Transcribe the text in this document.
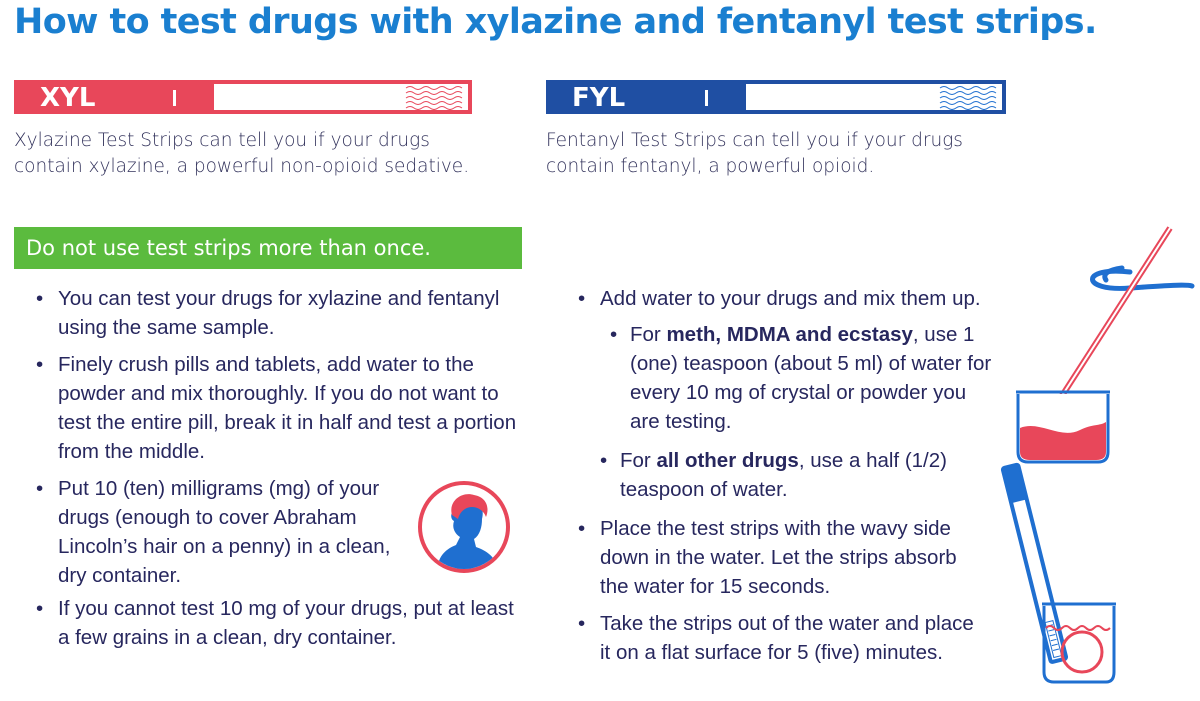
How to test drugs with xylazine and fentanyl test strips.
XYL
Xylazine Test Strips can tell you if your drugs
contain xylazine, a powerful non-opioid sedative.
FYL
Fentanyl Test Strips can tell you if your drugs
contain fentanyl, a powerful opioid.
Do not use test strips more than once.
• You can test your drugs for xylazine and fentanyl using the same sample.
• Finely crush pills and tablets, add water to the powder and mix thoroughly. If you do not want to test the entire pill, break it in half and test a portion from the middle.
• Put 10 (ten) milligrams (mg) of your drugs (enough to cover Abraham Lincoln’s hair on a penny) in a clean, dry container.
• If you cannot test 10 mg of your drugs, put at least a few grains in a clean, dry container.
• Add water to your drugs and mix them up.
• For meth, MDMA and ecstasy, use 1 (one) teaspoon (about 5 ml) of water for every 10 mg of crystal or powder you are testing.
• For all other drugs, use a half (1/2) teaspoon of water.
• Place the test strips with the wavy side down in the water. Let the strips absorb the water for 15 seconds.
• Take the strips out of the water and place it on a flat surface for 5 (five) minutes.
